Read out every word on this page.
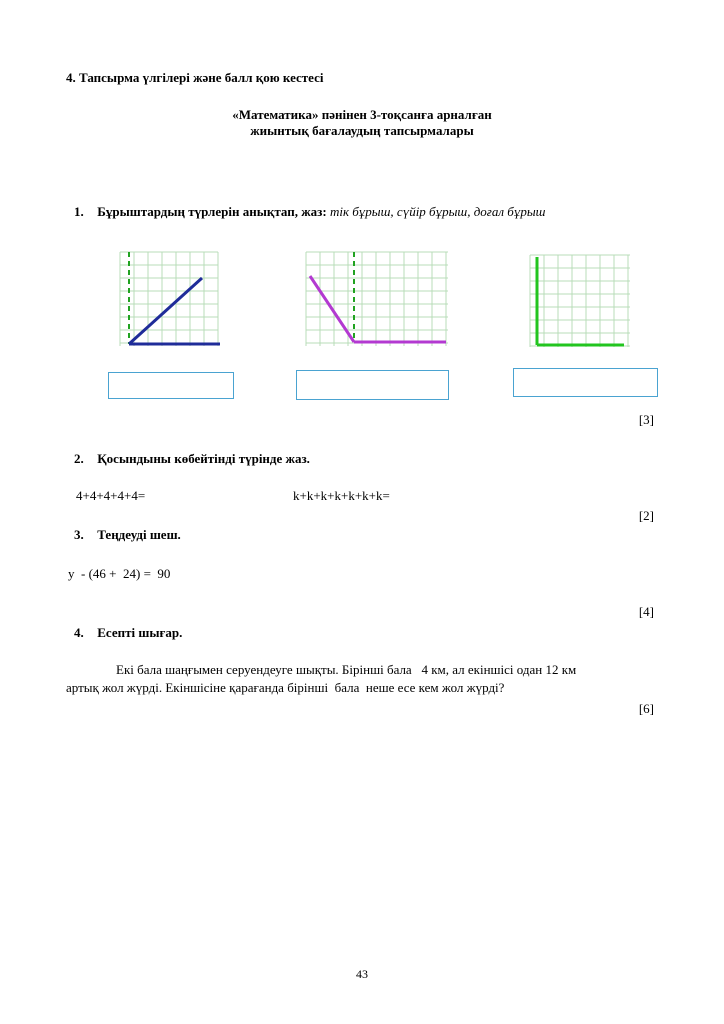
4. Тапсырма үлгілері және балл қою кестесі
«Математика» пәнінен 3-тоқсанға арналған
жиынтық бағалаудың тапсырмалары
1. Бұрыштардың түрлерін анықтап, жаз: тік бұрыш, сүйір бұрыш, доғал бұрыш
[3]
2. Қосындыны көбейтінді түрінде жаз.
4+4+4+4+4=	k+k+k+k+k+k+k=
[2]
3. Теңдеуді шеш.
у  - (46 +  24) =  90
[4]
4. Есепті шығар.
Екі бала шаңғымен серуендеуге шықты. Бірінші бала   4 км, ал екіншісі одан 12 км
артық жол жүрді. Екіншісіне қарағанда бірінші  бала  неше есе кем жол жүрді?
[6]
43
